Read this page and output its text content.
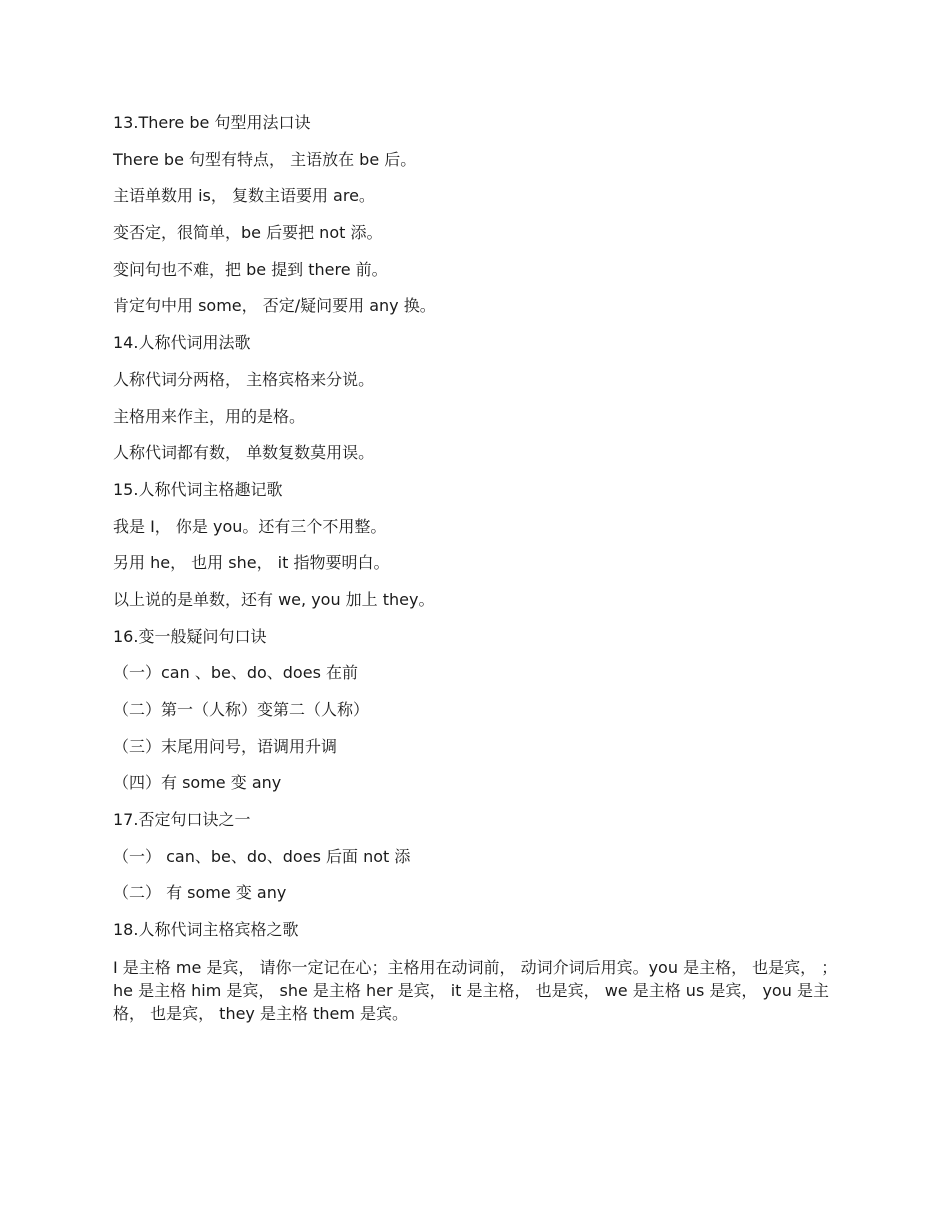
13.There be 句型用法口诀
There be 句型有特点， 主语放在 be 后。
主语单数用 is， 复数主语要用 are。
变否定，很简单，be 后要把 not 添。
变问句也不难，把 be 提到 there 前。
肯定句中用 some， 否定/疑问要用 any 换。
14.人称代词用法歌
人称代词分两格， 主格宾格来分说。
主格用来作主，用的是格。
人称代词都有数， 单数复数莫用误。
15.人称代词主格趣记歌
我是 I， 你是 you。还有三个不用整。
另用 he， 也用 she， it 指物要明白。
以上说的是单数，还有 we, you 加上 they。
16.变一般疑问句口诀
（一）can 、be、do、does 在前
（二）第一（人称）变第二（人称）
（三）末尾用问号，语调用升调
（四）有 some 变 any
17.否定句口诀之一
（一） can、be、do、does 后面 not 添
（二） 有 some 变 any
18.人称代词主格宾格之歌

I 是主格 me 是宾， 请你一定记在心；主格用在动词前， 动词介词后用宾。you 是主格， 也是宾， ；he 是主格 him 是宾， she 是主格 her 是宾， it 是主格， 也是宾， we 是主格 us 是宾， you 是主格， 也是宾， they 是主格 them 是宾。
